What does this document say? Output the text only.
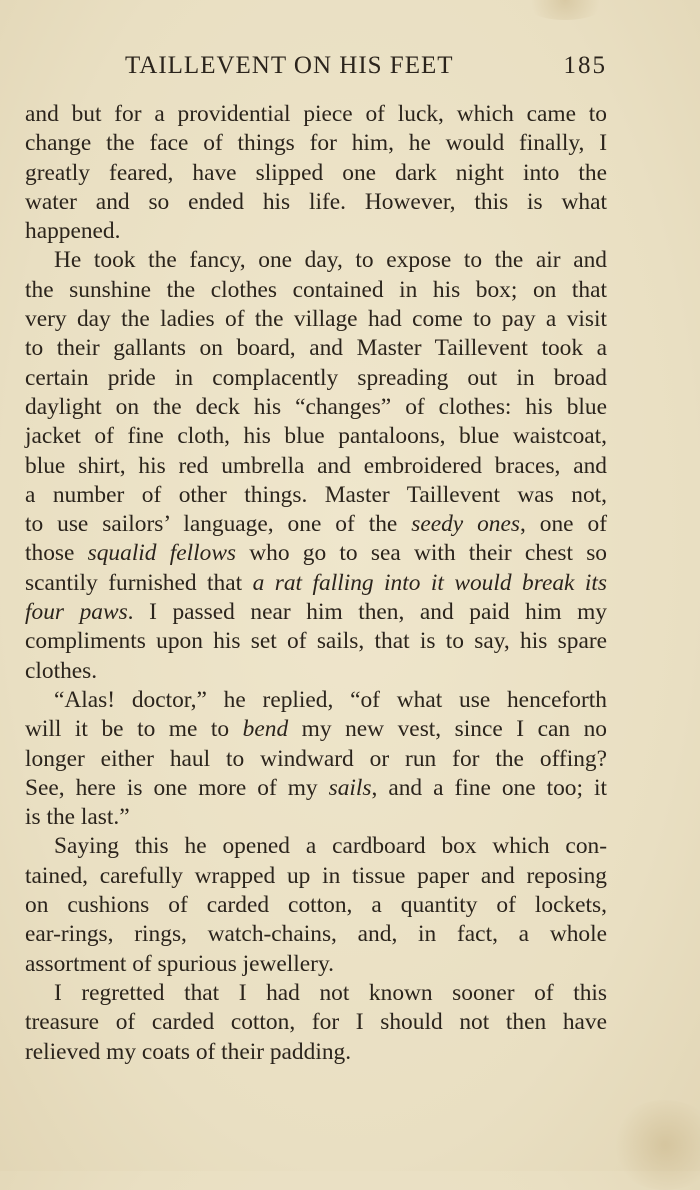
TAILLEVENT ON HIS FEET	185
and but for a providential piece of luck, which came to
change the face of things for him, he would finally, I
greatly feared, have slipped one dark night into the
water and so ended his life. However, this is what
happened.
He took the fancy, one day, to expose to the air and
the sunshine the clothes contained in his box; on that
very day the ladies of the village had come to pay a visit
to their gallants on board, and Master Taillevent took a
certain pride in complacently spreading out in broad
daylight on the deck his “changes” of clothes: his blue
jacket of fine cloth, his blue pantaloons, blue waistcoat,
blue shirt, his red umbrella and embroidered braces, and
a number of other things. Master Taillevent was not,
to use sailors’ language, one of the seedy ones, one of
those squalid fellows who go to sea with their chest so
scantily furnished that a rat falling into it would break its
four paws. I passed near him then, and paid him my
compliments upon his set of sails, that is to say, his spare
clothes.
“Alas! doctor,” he replied, “of what use henceforth
will it be to me to bend my new vest, since I can no
longer either haul to windward or run for the offing?
See, here is one more of my sails, and a fine one too; it
is the last.”
Saying this he opened a cardboard box which con-
tained, carefully wrapped up in tissue paper and reposing
on cushions of carded cotton, a quantity of lockets,
ear-rings, rings, watch-chains, and, in fact, a whole
assortment of spurious jewellery.
I regretted that I had not known sooner of this
treasure of carded cotton, for I should not then have
relieved my coats of their padding.
